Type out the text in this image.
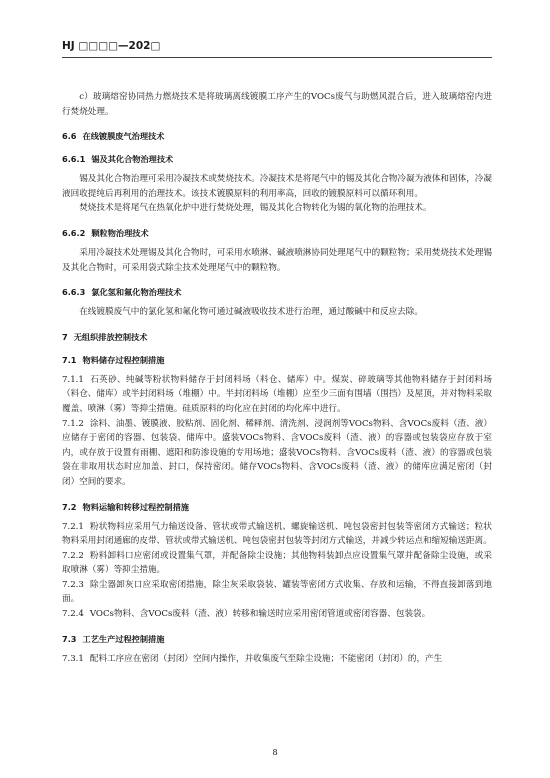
HJ □□□□—202□

c）玻璃熔窑协同热力燃烧技术是将玻璃离线镀膜工序产生的VOCs废气与助燃风混合后，进入玻璃熔窑内进行焚烧处理。

6.6 在线镀膜废气治理技术
6.6.1 锡及其化合物治理技术

锡及其化合物治理可采用冷凝技术或焚烧技术。冷凝技术是将尾气中的锡及其化合物冷凝为液体和固体，冷凝液回收提纯后再利用的治理技术。该技术镀膜原料的利用率高，回收的镀膜原料可以循环利用。

焚烧技术是将尾气在热氧化炉中进行焚烧处理，锡及其化合物转化为锡的氧化物的治理技术。

6.6.2 颗粒物治理技术

采用冷凝技术处理锡及其化合物时，可采用水喷淋、碱液喷淋协同处理尾气中的颗粒物；采用焚烧技术处理锡及其化合物时，可采用袋式除尘技术处理尾气中的颗粒物。

6.6.3 氯化氢和氟化物治理技术

在线镀膜废气中的氯化氢和氟化物可通过碱液吸收技术进行治理，通过酸碱中和反应去除。

7 无组织排放控制技术
7.1 物料储存过程控制措施

7.1.1 石英砂、纯碱等粉状物料储存于封闭料场（料仓、储库）中。煤炭、碎玻璃等其他物料储存于封闭料场（料仓、储库）或半封闭料场（堆棚）中。半封闭料场（堆棚）应至少三面有围墙（围挡）及屋顶，并对物料采取覆盖、喷淋（雾）等抑尘措施。硅质原料的均化应在封闭的均化库中进行。

7.1.2 涂料、油墨、镀膜液、胶粘剂、固化剂、稀释剂、清洗剂、浸润剂等VOCs物料、含VOCs废料（渣、液）应储存于密闭的容器、包装袋、储库中。盛装VOCs物料、含VOCs废料（渣、液）的容器或包装袋应存放于室内，或存放于设置有雨棚、遮阳和防渗设施的专用场地；盛装VOCs物料、含VOCs废料（渣、液）的容器或包装袋在非取用状态时应加盖、封口，保持密闭。储存VOCs物料、含VOCs废料（渣、液）的储库应满足密闭（封闭）空间的要求。

7.2 物料运输和转移过程控制措施

7.2.1 粉状物料应采用气力输送设备、管状或带式输送机、螺旋输送机、吨包袋密封包装等密闭方式输送；粒状物料采用封闭通廊的皮带、管状或带式输送机、吨包袋密封包装等封闭方式输送，并减少转运点和缩短输送距离。

7.2.2 粉料卸料口应密闭或设置集气罩，并配备除尘设施；其他物料装卸点应设置集气罩并配备除尘设施，或采取喷淋（雾）等抑尘措施。

7.2.3 除尘器卸灰口应采取密闭措施，除尘灰采取袋装、罐装等密闭方式收集、存放和运输，不得直接卸落到地面。

7.2.4 VOCs物料、含VOCs废料（渣、液）转移和输送时应采用密闭管道或密闭容器、包装袋。

7.3 工艺生产过程控制措施

7.3.1 配料工序应在密闭（封闭）空间内操作，并收集废气至除尘设施；不能密闭（封闭）的，产生

8
